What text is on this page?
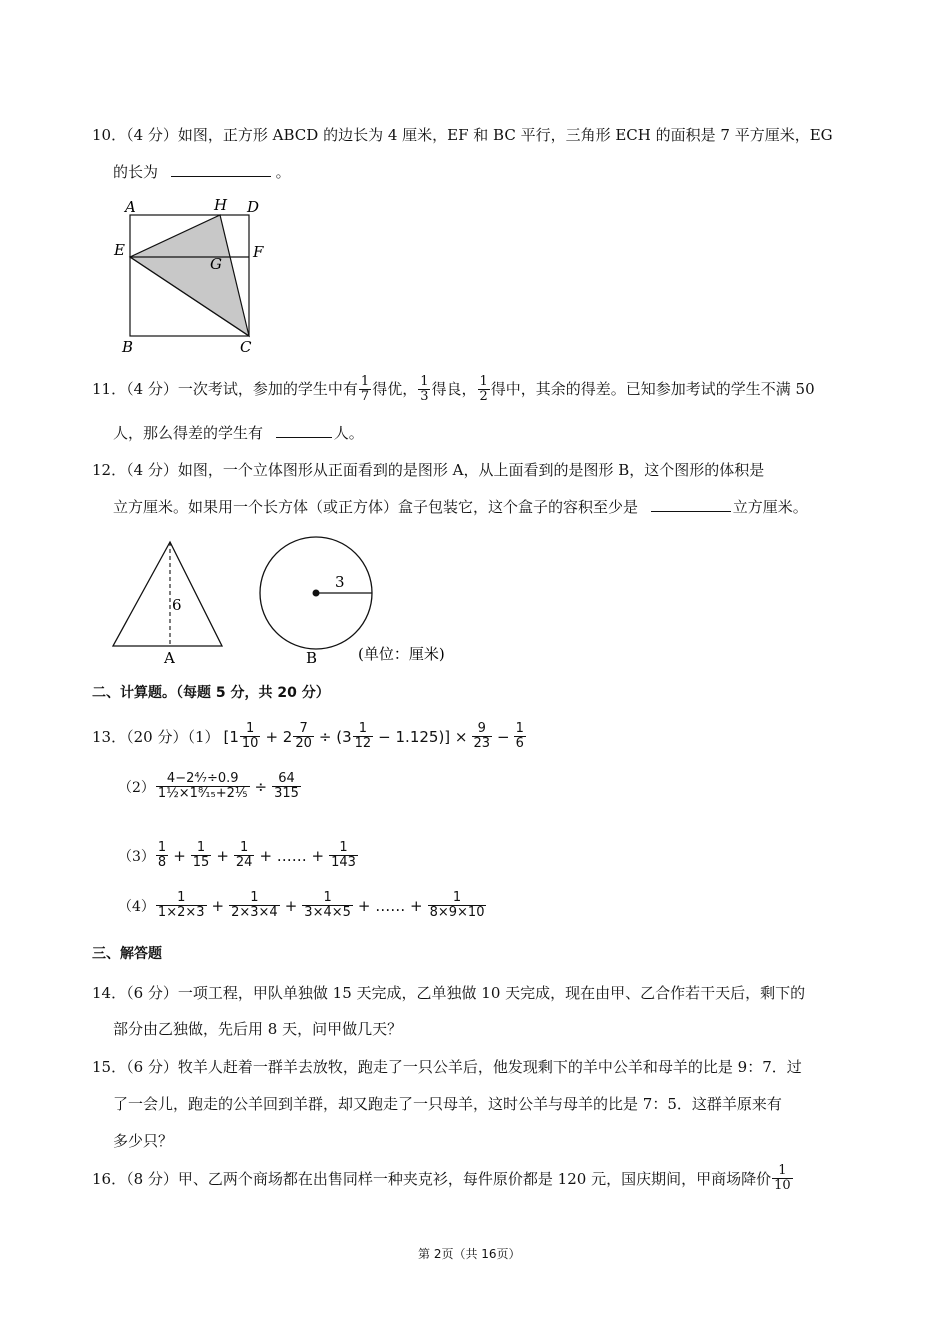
10．（4 分）如图，正方形 ABCD 的边长为 4 厘米，EF 和 BC 平行，三角形 ECH 的面积是 7 平方厘米，EG
的长为	。
A	H D
E
G
F
B	C
11．（4 分）一次考试，参加的学生中有 $\frac{1}{7}$ 得优， $\frac{1}{3}$ 得良， $\frac{1}{2}$ 得中，其余的得差。已知参加考试的学生不满 50
人，那么得差的学生有	人。
12．（4 分）如图，一个立体图形从正面看到的是图形 A，从上面看到的是图形 B，这个图形的体积是
立方厘米。如果用一个长方体（或正方体）盒子包装它，这个盒子的容积至少是	立方厘米。
6
A
3
B	(单位：厘米)
二、计算题。（每题 5 分，共 20 分）
13．（20 分）（1） $[1 \frac{1}{10} + 2 \frac{7}{20} \div (3 \frac{1}{12} - 1.125)] \times \frac{9}{23} - \frac{1}{6}$
$(2) \frac{\text{4−2⁴⁄₇÷0.9}}{\text{1½×1⁸⁄₁₅+2⅕}} \div \frac{64}{315}$
$(3) \frac{1}{8} + \frac{1}{15} + \frac{1}{24}$ + …… + $\frac{1}{143}$
$(4) \frac{1}{1\times 2\times 3} + \frac{1}{2\times 3\times 4} + \frac{1}{3\times 4\times 5}$ + …… + $\frac{1}{8\times 9\times 10}$
三、解答题
14．（6 分）一项工程，甲队单独做 15 天完成，乙单独做 10 天完成，现在由甲、乙合作若干天后，剩下的
部分由乙独做，先后用 8 天，问甲做几天？
15．（6 分）牧羊人赶着一群羊去放牧，跑走了一只公羊后，他发现剩下的羊中公羊和母羊的比是 9：7．过
了一会儿，跑走的公羊回到羊群，却又跑走了一只母羊，这时公羊与母羊的比是 7：5．这群羊原来有
多少只？
16．（8 分）甲、乙两个商场都在出售同样一种夹克衫，每件原价都是 120 元，国庆期间，甲商场降价 $\frac{1}{10}$
第 2页（共 16页）
